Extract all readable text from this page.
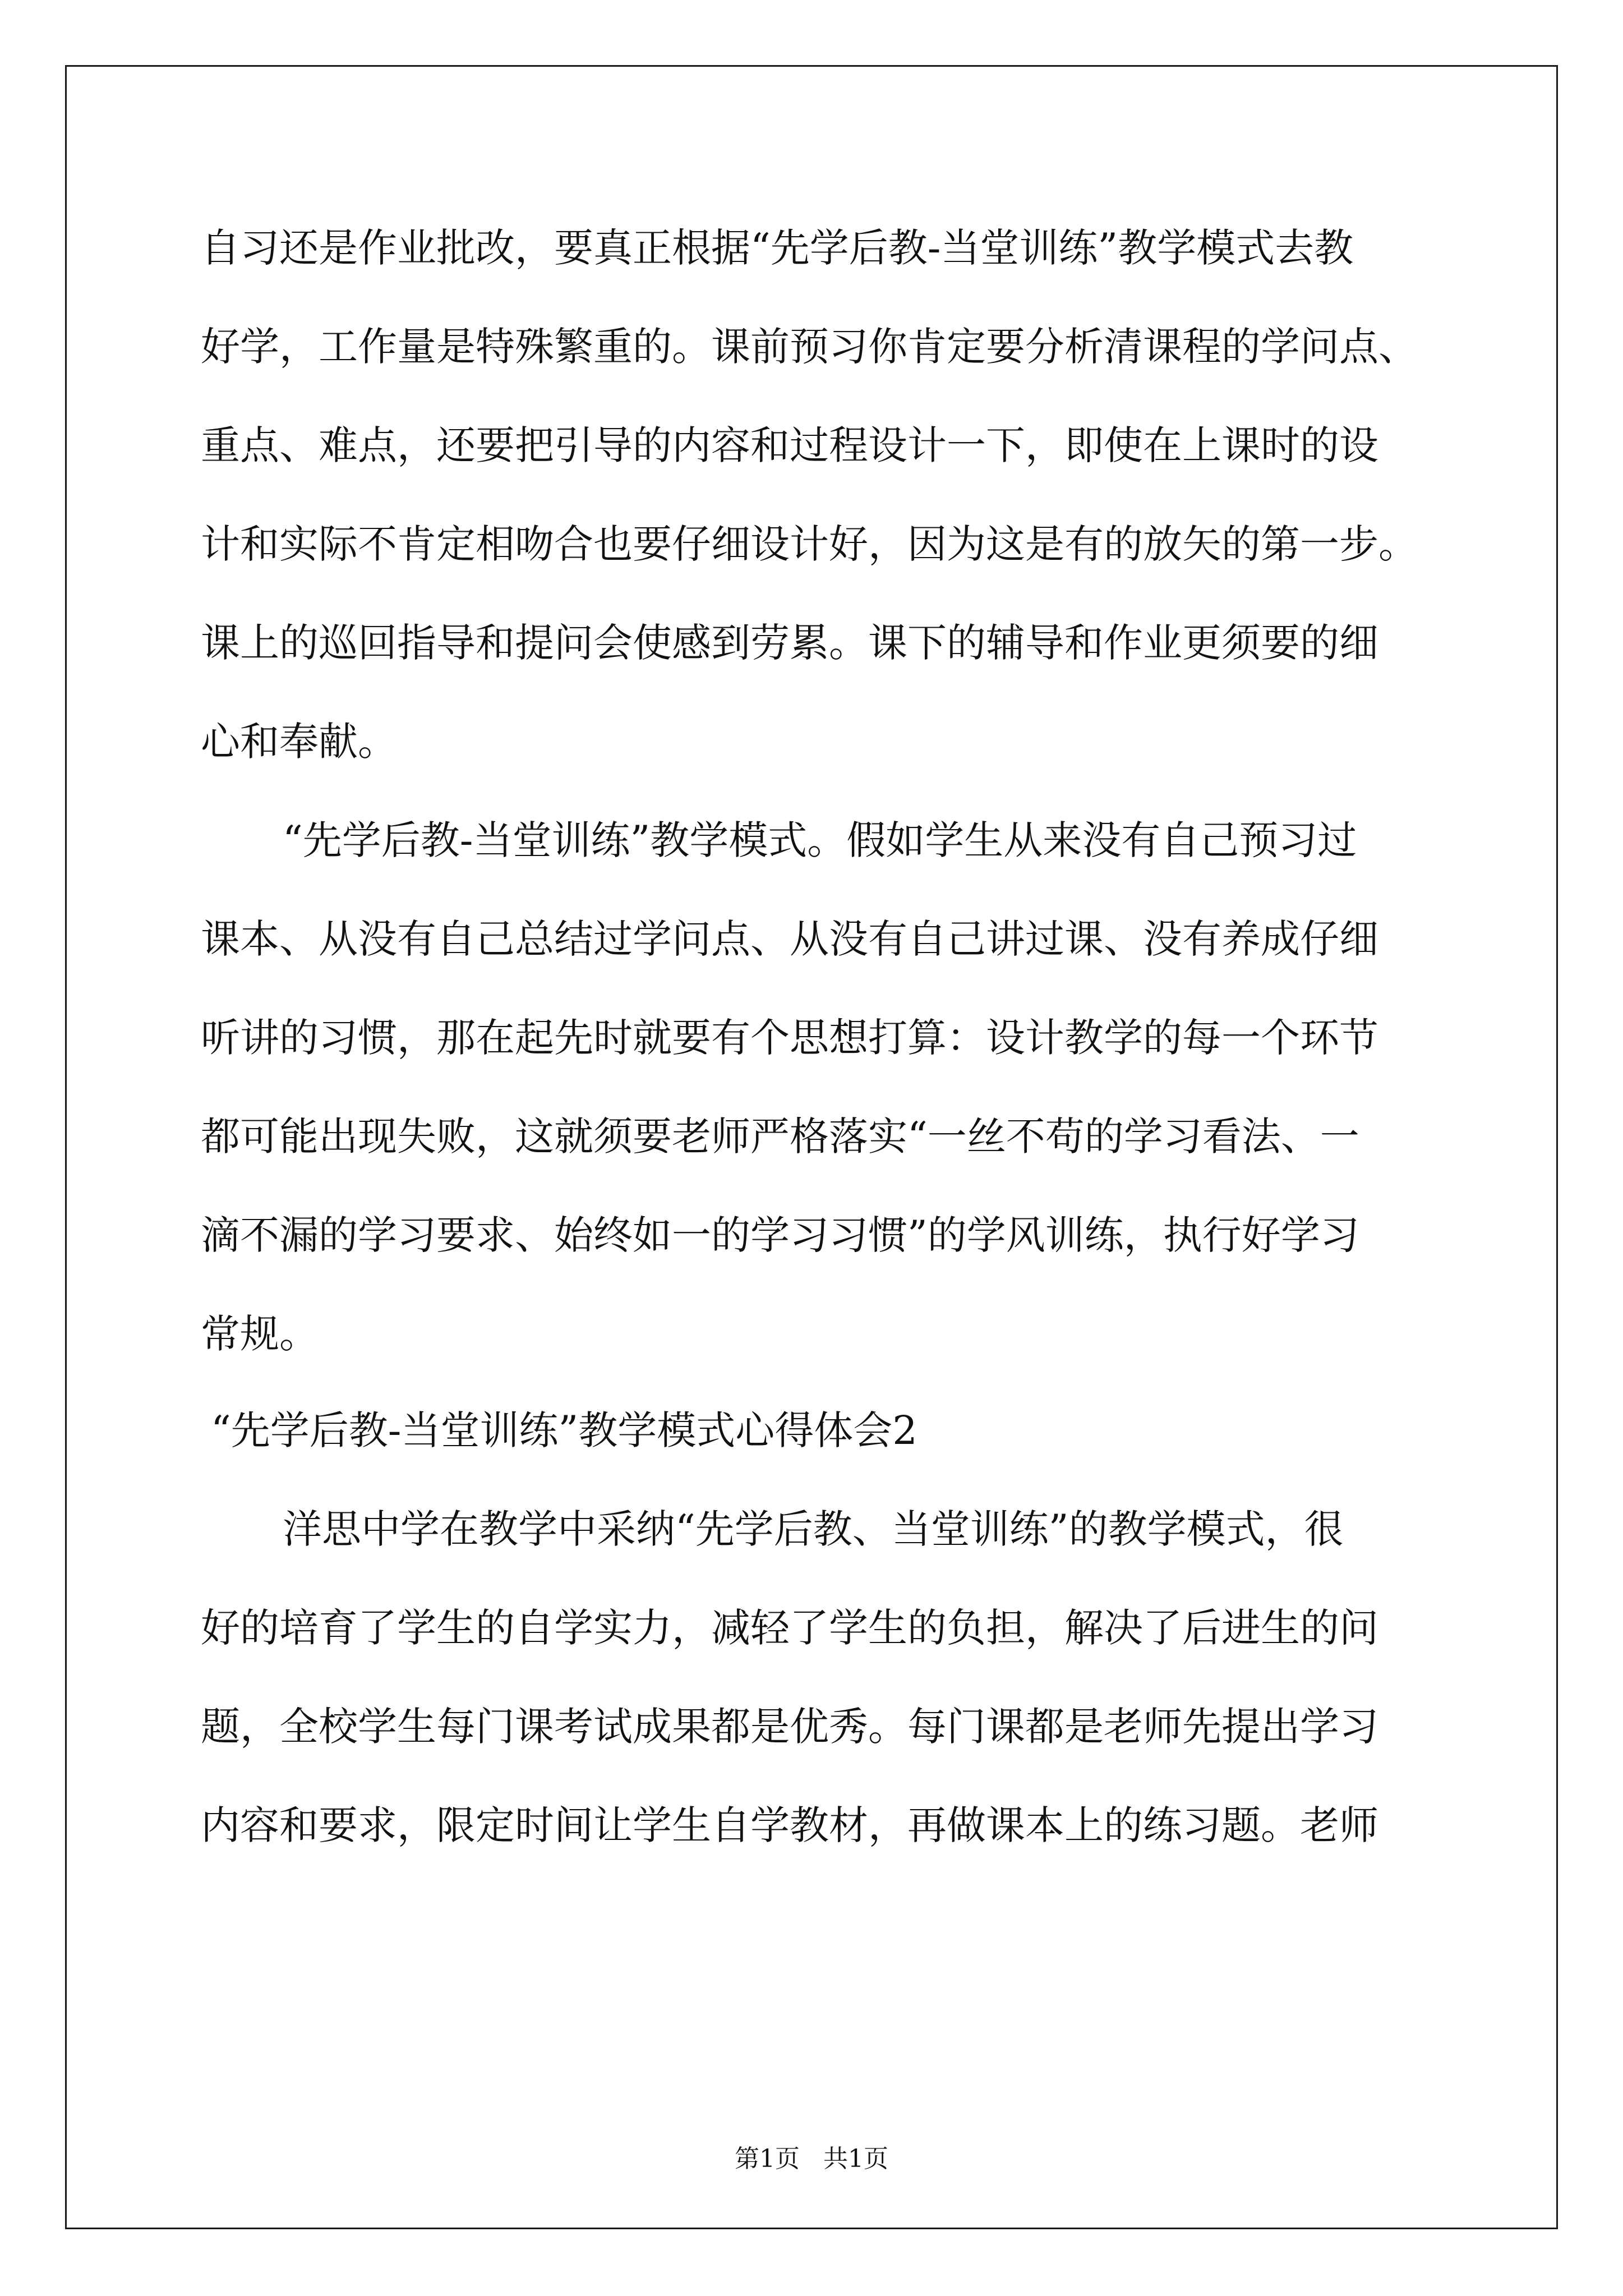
自习还是作业批改，要真正根据“先学后教-当堂训练”教学模式去教
好学，工作量是特殊繁重的。课前预习你肯定要分析清课程的学问点、
重点、难点，还要把引导的内容和过程设计一下，即使在上课时的设
计和实际不肯定相吻合也要仔细设计好，因为这是有的放矢的第一步。
课上的巡回指导和提问会使感到劳累。课下的辅导和作业更须要的细
心和奉献。
“先学后教-当堂训练”教学模式。假如学生从来没有自己预习过
课本、从没有自己总结过学问点、从没有自己讲过课、没有养成仔细
听讲的习惯，那在起先时就要有个思想打算：设计教学的每一个环节
都可能出现失败，这就须要老师严格落实“一丝不苟的学习看法、一
滴不漏的学习要求、始终如一的学习习惯”的学风训练，执行好学习
常规。
“先学后教-当堂训练”教学模式心得体会2
洋思中学在教学中采纳“先学后教、当堂训练”的教学模式，很
好的培育了学生的自学实力，减轻了学生的负担，解决了后进生的问
题，全校学生每门课考试成果都是优秀。每门课都是老师先提出学习
内容和要求，限定时间让学生自学教材，再做课本上的练习题。老师
第1页 共1页
